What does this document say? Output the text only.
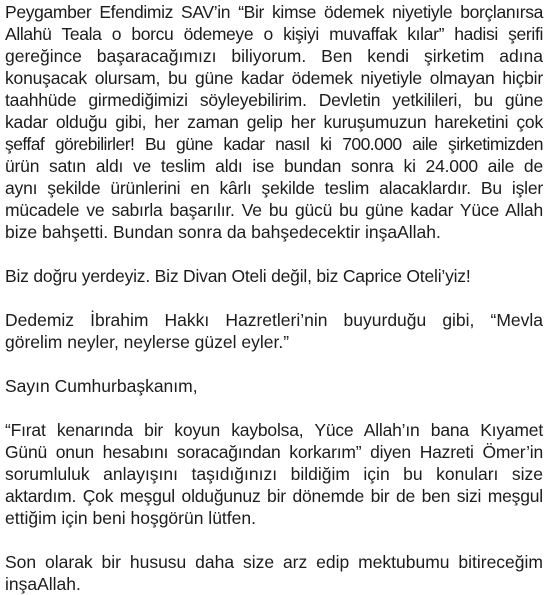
Peygamber Efendimiz SAV’in “Bir kimse ödemek niyetiyle borçlanırsa
Allahü Teala o borcu ödemeye o kişiyi muvaffak kılar” hadisi şerifi
gereğince başaracağımızı biliyorum. Ben kendi şirketim adına
konuşacak olursam, bu güne kadar ödemek niyetiyle olmayan hiçbir
taahhüde girmediğimizi söyleyebilirim. Devletin yetkilileri, bu güne
kadar olduğu gibi, her zaman gelip her kuruşumuzun hareketini çok
şeffaf görebilirler! Bu güne kadar nasıl ki 700.000 aile şirketimizden
ürün satın aldı ve teslim aldı ise bundan sonra ki 24.000 aile de
aynı şekilde ürünlerini en kârlı şekilde teslim alacaklardır. Bu işler
mücadele ve sabırla başarılır. Ve bu gücü bu güne kadar Yüce Allah
bize bahşetti. Bundan sonra da bahşedecektir inşaAllah.

Biz doğru yerdeyiz. Biz Divan Oteli değil, biz Caprice Oteli’yiz!

Dedemiz İbrahim Hakkı Hazretleri’nin buyurduğu gibi, “Mevla
görelim neyler, neylerse güzel eyler.”

Sayın Cumhurbaşkanım,

“Fırat kenarında bir koyun kaybolsa, Yüce Allah’ın bana Kıyamet
Günü onun hesabını soracağından korkarım” diyen Hazreti Ömer’in
sorumluluk anlayışını taşıdığınızı bildiğim için bu konuları size
aktardım. Çok meşgul olduğunuz bir dönemde bir de ben sizi meşgul
ettiğim için beni hoşgörün lütfen.

Son olarak bir hususu daha size arz edip mektubumu bitireceğim
inşaAllah.
